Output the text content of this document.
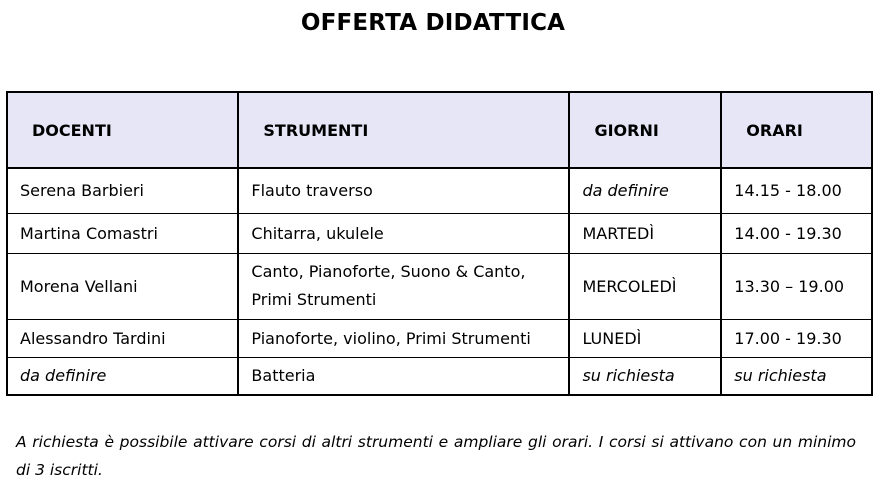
OFFERTA DIDATTICA
DOCENTI	STRUMENTI	GIORNI	ORARI
Serena Barbieri	Flauto traverso	da definire	14.15 - 18.00
Martina Comastri	Chitarra, ukulele	MARTEDÌ	14.00 - 19.30
Morena Vellani	Canto, Pianoforte, Suono & Canto, Primi Strumenti	MERCOLEDÌ	13.30 – 19.00
Alessandro Tardini	Pianoforte, violino, Primi Strumenti	LUNEDÌ	17.00 - 19.30
da definire	Batteria	su richiesta	su richiesta
A richiesta è possibile attivare corsi di altri strumenti e ampliare gli orari. I corsi si attivano con un minimo di 3 iscritti.
